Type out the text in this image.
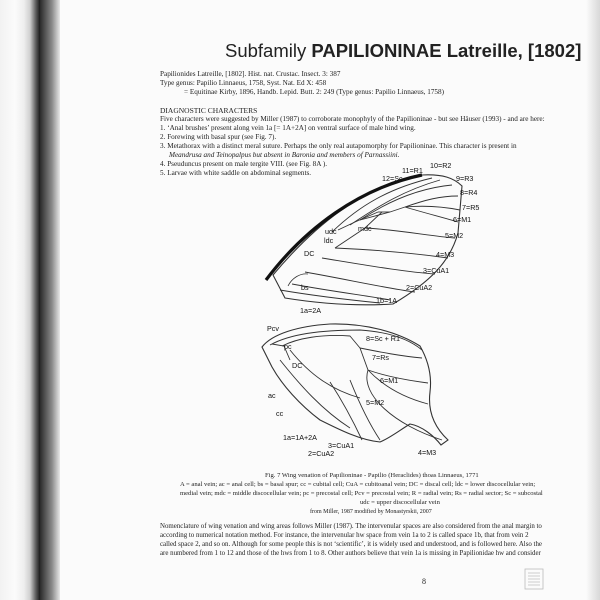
Subfamily PAPILIONINAE Latreille, [1802]
Papilionides Latreille, [1802]. Hist. nat. Crustac. Insect. 3: 387
Type genus: Papilio Linnaeus, 1758, Syst. Nat. Ed X: 458
= Equitinae Kirby, 1896, Handb. Lepid. Butt. 2: 249 (Type genus: Papilio Linnaeus, 1758)
DIAGNOSTIC CHARACTERS
Five characters were suggested by Miller (1987) to corroborate monophyly of the Papilioninae - but see Häuser (1993) - and are here:
1. ‘Anal brushes’ present along vein 1a [= 1A+2A] on ventral surface of male hind wing.
2. Forewing with basal spur (see Fig. 7).
3. Metathorax with a distinct meral suture. Perhaps the only real autapomorphy for Papilioninae. This character is present in
Meandrusa and Teinopalpus but absent in Baronia and members of Parnassiini.
4. Pseuduncus present on male tergite VIII. (see Fig. 8A ).
5. Larvae with white saddle on abdominal segments.	11=R1
10=R2
12=Sc	9=R3
8=R4
7=R5
6=M1
5=M2
4=M3
3=CuA1
2=CuA2
1b=1A
1a=2A
udc
ldc
mdc
DC
bs
Pcv
8=Sc + R1
pc
7=Rs
DC
6=M1
ac
5=M2
cc
1a=1A+2A
3=CuA1
2=CuA2	4=M3
Fig. 7 Wing venation of Papilioninae - Papilio (Heraclides) thoas Linnaeus, 1771
A = anal vein; ac = anal cell; bs = basal spur; cc = cubital cell; CuA = cubitoanal vein; DC = discal cell; ldc = lower discocellular vein;
medial vein; mdc = middle discocellular vein; pc = precostal cell; Pcv = precostal vein; R = radial vein; Rs = radial sector; Sc = subcostal
udc = upper discocellular vein
from Miller, 1987 modified by Monastyrskii, 2007
Nomenclature of wing venation and wing areas follows Miller (1987). The intervenular spaces are also considered from the anal margin to
according to numerical notation method. For instance, the intervenular hw space from vein 1a to 2 is called space 1b, that from vein 2
called space 2, and so on. Although for some people this is not ‘scientific’, it is widely used and understood, and is followed here. Also the
are numbered from 1 to 12 and those of the hws from 1 to 8. Other authors believe that vein 1a is missing in Papilionidae hw and consider
8
